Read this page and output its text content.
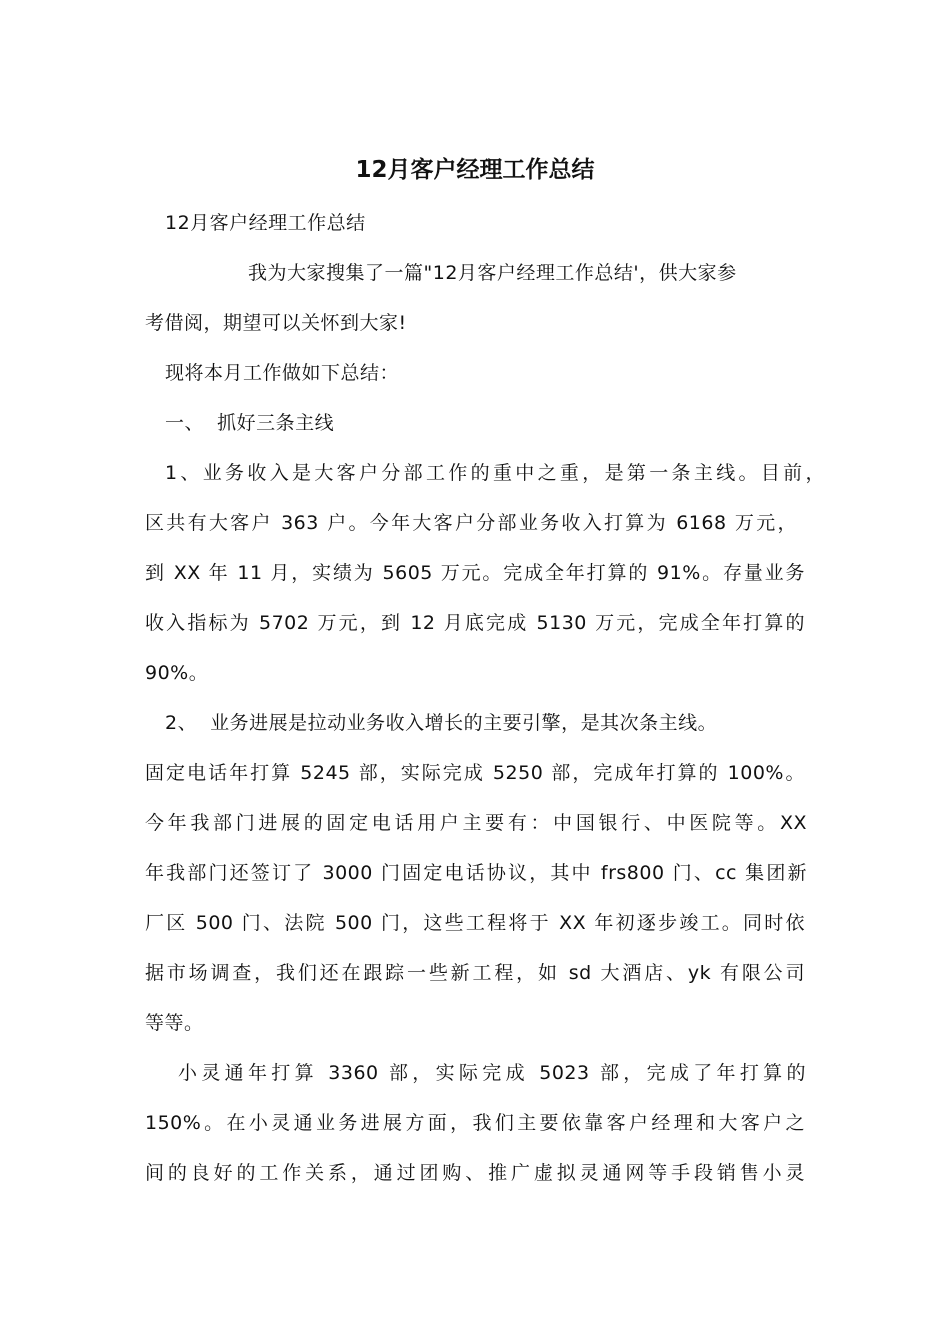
12月客户经理工作总结

12月客户经理工作总结

我为大家搜集了一篇"12月客户经理工作总结'，供大家参

考借阅，期望可以关怀到大家!

现将本月工作做如下总结：

一、  抓好三条主线

1、业务收入是大客户分部工作的重中之重，是第一条主线。目前，

区共有大客户 363 户。今年大客户分部业务收入打算为 6168 万元，

到 XX 年 11 月，实绩为 5605 万元。完成全年打算的 91%。存量业务

收入指标为 5702 万元，到 12 月底完成 5130 万元，完成全年打算的

90%。

2、  业务进展是拉动业务收入增长的主要引擎，是其次条主线。

固定电话年打算 5245 部，实际完成 5250 部，完成年打算的 100%。

今年我部门进展的固定电话用户主要有：中国银行、中医院等。XX

年我部门还签订了 3000 门固定电话协议，其中 frs800 门、cc 集团新

厂区 500 门、法院 500 门，这些工程将于 XX 年初逐步竣工。同时依

据市场调查，我们还在跟踪一些新工程，如 sd 大酒店、yk 有限公司

等等。

小灵通年打算 3360 部，实际完成 5023 部，完成了年打算的

150%。在小灵通业务进展方面，我们主要依靠客户经理和大客户之

间的良好的工作关系，通过团购、推广虚拟灵通网等手段销售小灵
